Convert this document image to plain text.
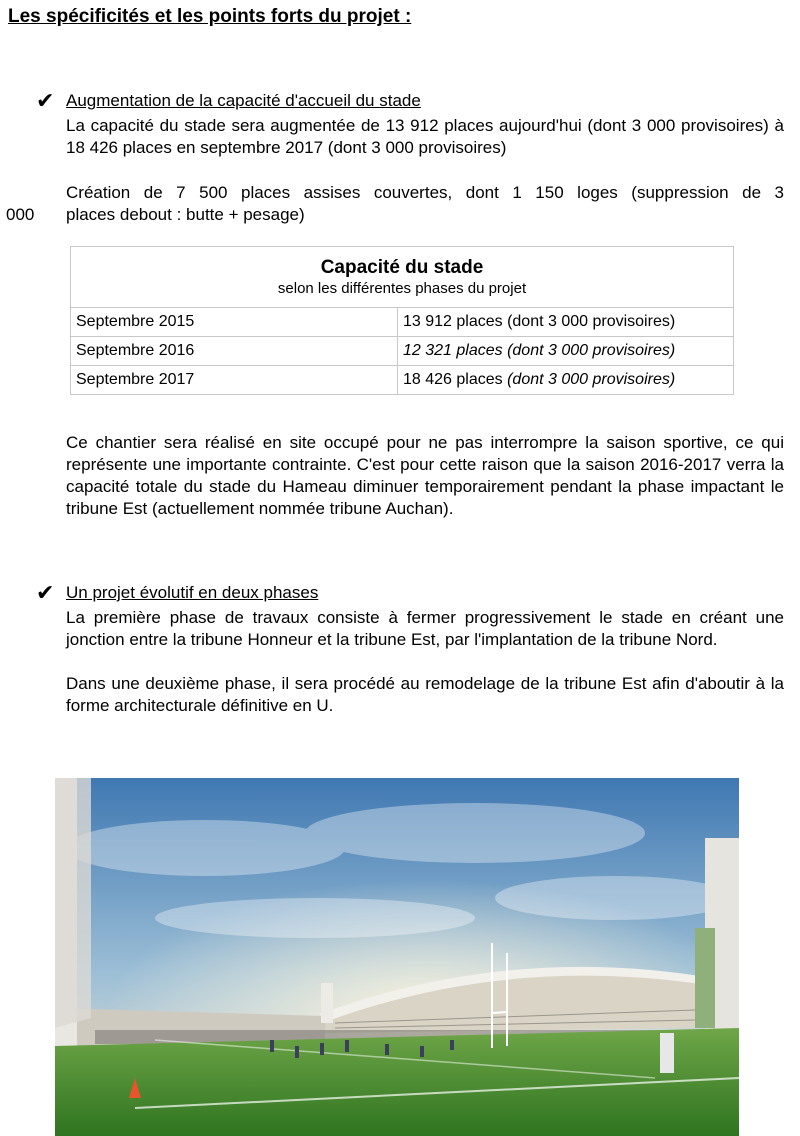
Les spécificités et les points forts du projet :
✔ Augmentation de la capacité d'accueil du stade

La capacité du stade sera augmentée de 13 912 places aujourd'hui (dont 3 000 provisoires) à 18 426 places en septembre 2017 (dont 3 000 provisoires)

Création de 7 500 places assises couvertes, dont 1 150 loges (suppression de 3

000 places debout : butte + pesage)

Capacité du stade
selon les différentes phases du projet	

Septembre 2015	13 912 places (dont 3 000 provisoires)
Septembre 2016	12 321 places (dont 3 000 provisoires)
Septembre 2017	18 426 places (dont 3 000 provisoires)

Ce chantier sera réalisé en site occupé pour ne pas interrompre la saison sportive, ce qui représente une importante contrainte. C'est pour cette raison que la saison 2016-2017 verra la capacité totale du stade du Hameau diminuer temporairement pendant la phase impactant le tribune Est (actuellement nommée tribune Auchan).

✔ Un projet évolutif en deux phases

La première phase de travaux consiste à fermer progressivement le stade en créant une jonction entre la tribune Honneur et la tribune Est, par l'implantation de la tribune Nord.

Dans une deuxième phase, il sera procédé au remodelage de la tribune Est afin d'aboutir à la forme architecturale définitive en U.
